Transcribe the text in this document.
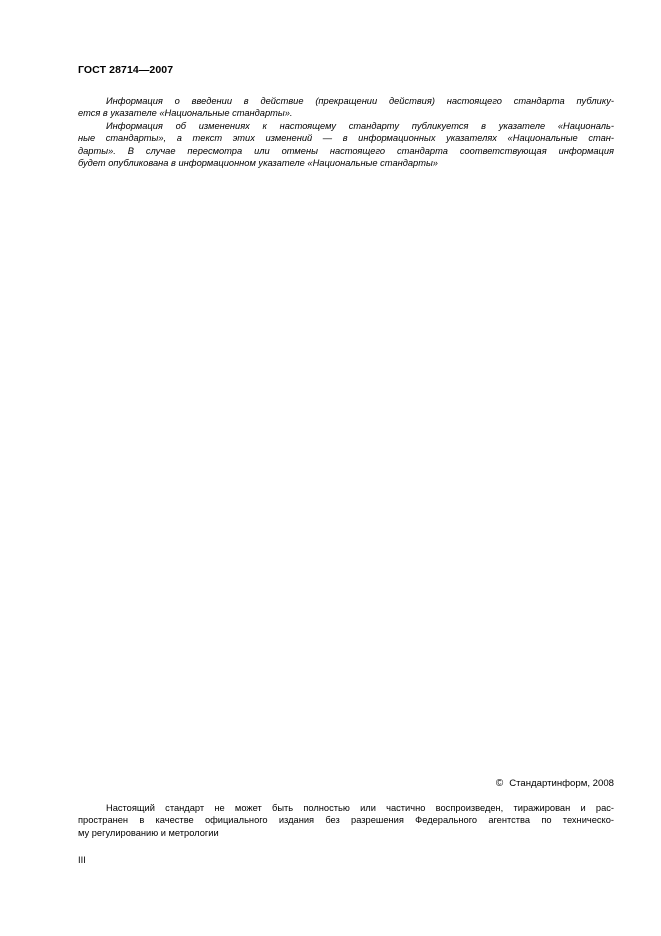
ГОСТ 28714—2007
Информация о введении в действие (прекращении действия) настоящего стандарта публику-
ется в указателе «Национальные стандарты».
Информация об изменениях к настоящему стандарту публикуется в указателе «Националь-
ные стандарты», а текст этих изменений — в информационных указателях «Национальные стан-
дарты». В случае пересмотра или отмены настоящего стандарта соответствующая информация
будет опубликована в информационном указателе «Национальные стандарты»
© Стандартинформ, 2008
Настоящий стандарт не может быть полностью или частично воспроизведен, тиражирован и рас-
пространен в качестве официального издания без разрешения Федерального агентства по техническо-
му регулированию и метрологии
III
